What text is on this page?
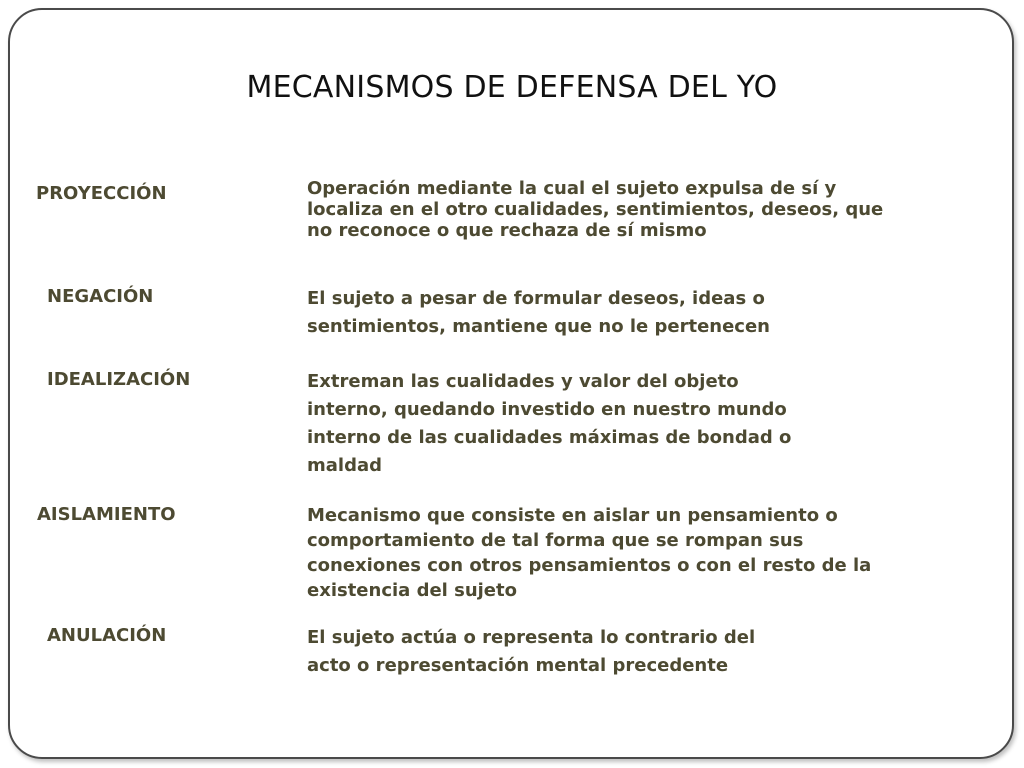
MECANISMOS DE DEFENSA DEL YO
PROYECCIÓN	Operación mediante la cual el sujeto expulsa de sí y
localiza en el otro cualidades, sentimientos, deseos, que
no reconoce o que rechaza de sí mismo
NEGACIÓN	El sujeto a pesar de formular deseos, ideas o
sentimientos, mantiene que no le pertenecen
IDEALIZACIÓN	Extreman las cualidades y valor del objeto
interno, quedando investido en nuestro mundo
interno de las cualidades máximas de bondad o
maldad
AISLAMIENTO	Mecanismo que consiste en aislar un pensamiento o
comportamiento de tal forma que se rompan sus
conexiones con otros pensamientos o con el resto de la
existencia del sujeto
ANULACIÓN	El sujeto actúa o representa lo contrario del
acto o representación mental precedente
